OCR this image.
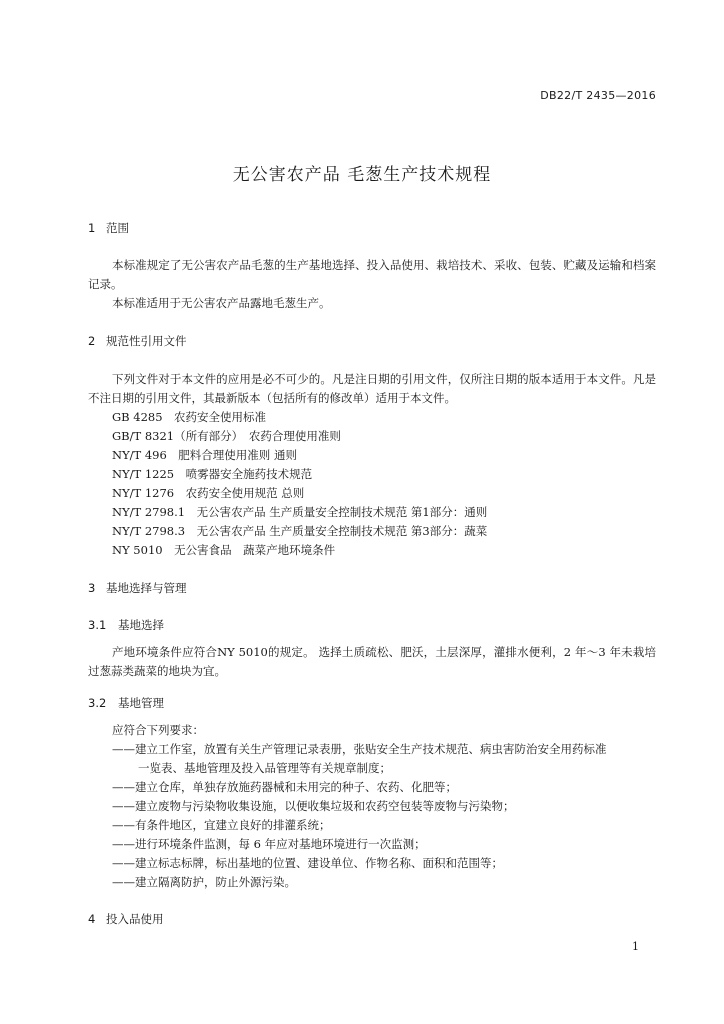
DB22/T 2435—2016
无公害农产品 毛葱生产技术规程
1 范围
本标准规定了无公害农产品毛葱的生产基地选择、投入品使用、栽培技术、采收、包装、贮藏及运输和档案记录。
本标准适用于无公害农产品露地毛葱生产。
2 规范性引用文件
下列文件对于本文件的应用是必不可少的。凡是注日期的引用文件，仅所注日期的版本适用于本文件。凡是不注日期的引用文件，其最新版本（包括所有的修改单）适用于本文件。
GB 4285　农药安全使用标准
GB/T 8321（所有部分）　农药合理使用准则
NY/T 496　肥料合理使用准则 通则
NY/T 1225　喷雾器安全施药技术规范
NY/T 1276　农药安全使用规范 总则
NY/T 2798.1　无公害农产品 生产质量安全控制技术规范 第1部分：通则
NY/T 2798.3　无公害农产品 生产质量安全控制技术规范 第3部分：蔬菜
NY 5010　无公害食品　蔬菜产地环境条件
3 基地选择与管理
3.1 基地选择
产地环境条件应符合NY 5010的规定。 选择土质疏松、肥沃，土层深厚，灌排水便利，2 年～3 年未栽培过葱蒜类蔬菜的地块为宜。
3.2 基地管理
应符合下列要求：
——建立工作室，放置有关生产管理记录表册，张贴安全生产技术规范、病虫害防治安全用药标准
一览表、基地管理及投入品管理等有关规章制度；
——建立仓库，单独存放施药器械和未用完的种子、农药、化肥等；
——建立废物与污染物收集设施，以便收集垃圾和农药空包装等废物与污染物；
——有条件地区，宜建立良好的排灌系统；
——进行环境条件监测，每 6 年应对基地环境进行一次监测；
——建立标志标牌，标出基地的位置、建设单位、作物名称、面积和范围等；
——建立隔离防护，防止外源污染。
4 投入品使用
1
